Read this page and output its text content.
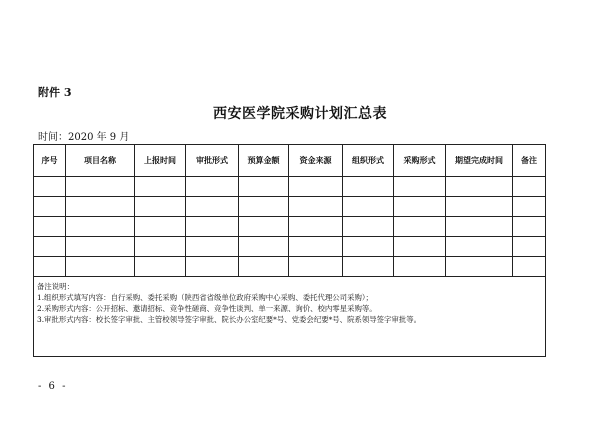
附件 3
西安医学院采购计划汇总表
时间：2020 年 9 月
序号	项目名称	上报时间	审批形式	预算金额	资金来源	组织形式	采购形式	期望完成时间	备注

备注说明：
1.组织形式填写内容：自行采购、委托采购（陕西省省级单位政府采购中心采购、委托代理公司采购）；
2.采购形式内容：公开招标、邀请招标、竞争性磋商、竞争性谈判、单一来源、询价、校内零星采购等。
3.审批形式内容：校长签字审批、主管校领导签字审批、院长办公室纪要*号、党委会纪要*号、院系领导签字审批等。									
- 6 -
